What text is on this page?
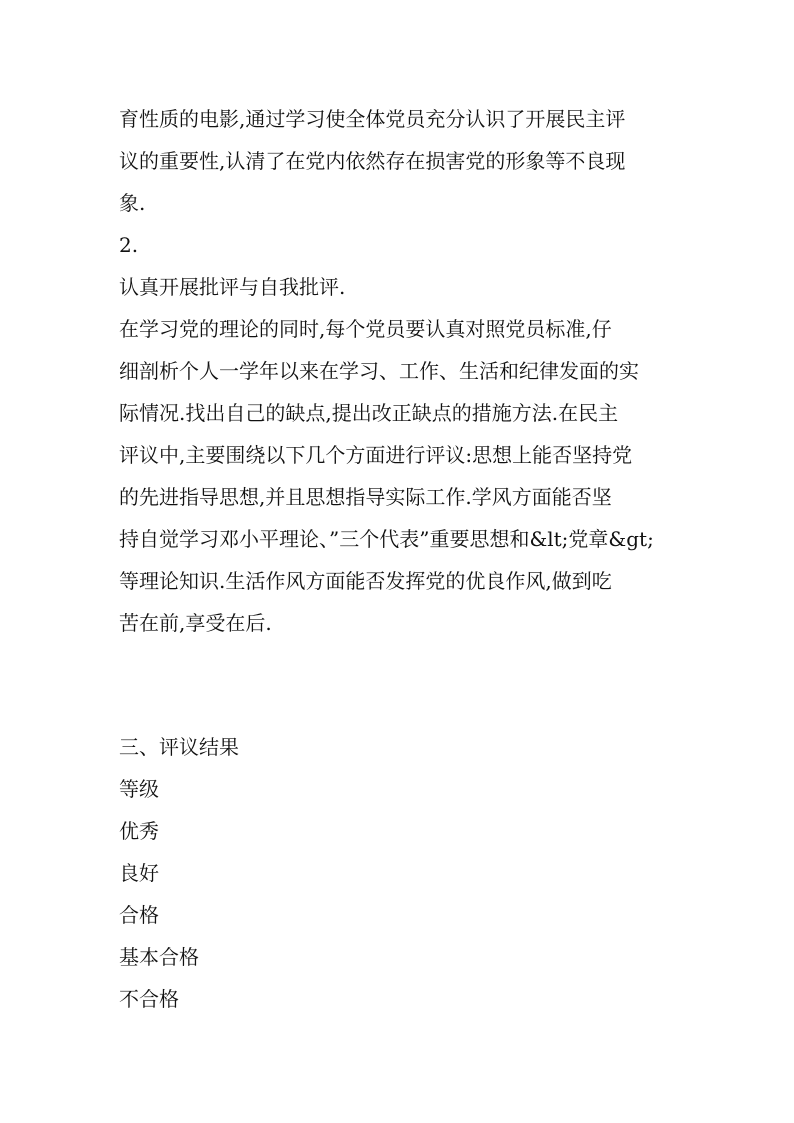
育性质的电影,通过学习使全体党员充分认识了开展民主评

议的重要性,认清了在党内依然存在损害党的形象等不良现

象.

2.

认真开展批评与自我批评.

在学习党的理论的同时,每个党员要认真对照党员标准,仔

细剖析个人一学年以来在学习、工作、生活和纪律发面的实

际情况.找出自己的缺点,提出改正缺点的措施方法.在民主

评议中,主要围绕以下几个方面进行评议:思想上能否坚持党

的先进指导思想,并且思想指导实际工作.学风方面能否坚

持自觉学习邓小平理论、”三个代表”重要思想和&lt;党章&gt;

等理论知识.生活作风方面能否发挥党的优良作风,做到吃

苦在前,享受在后.

三、评议结果

等级

优秀

良好

合格

基本合格

不合格
